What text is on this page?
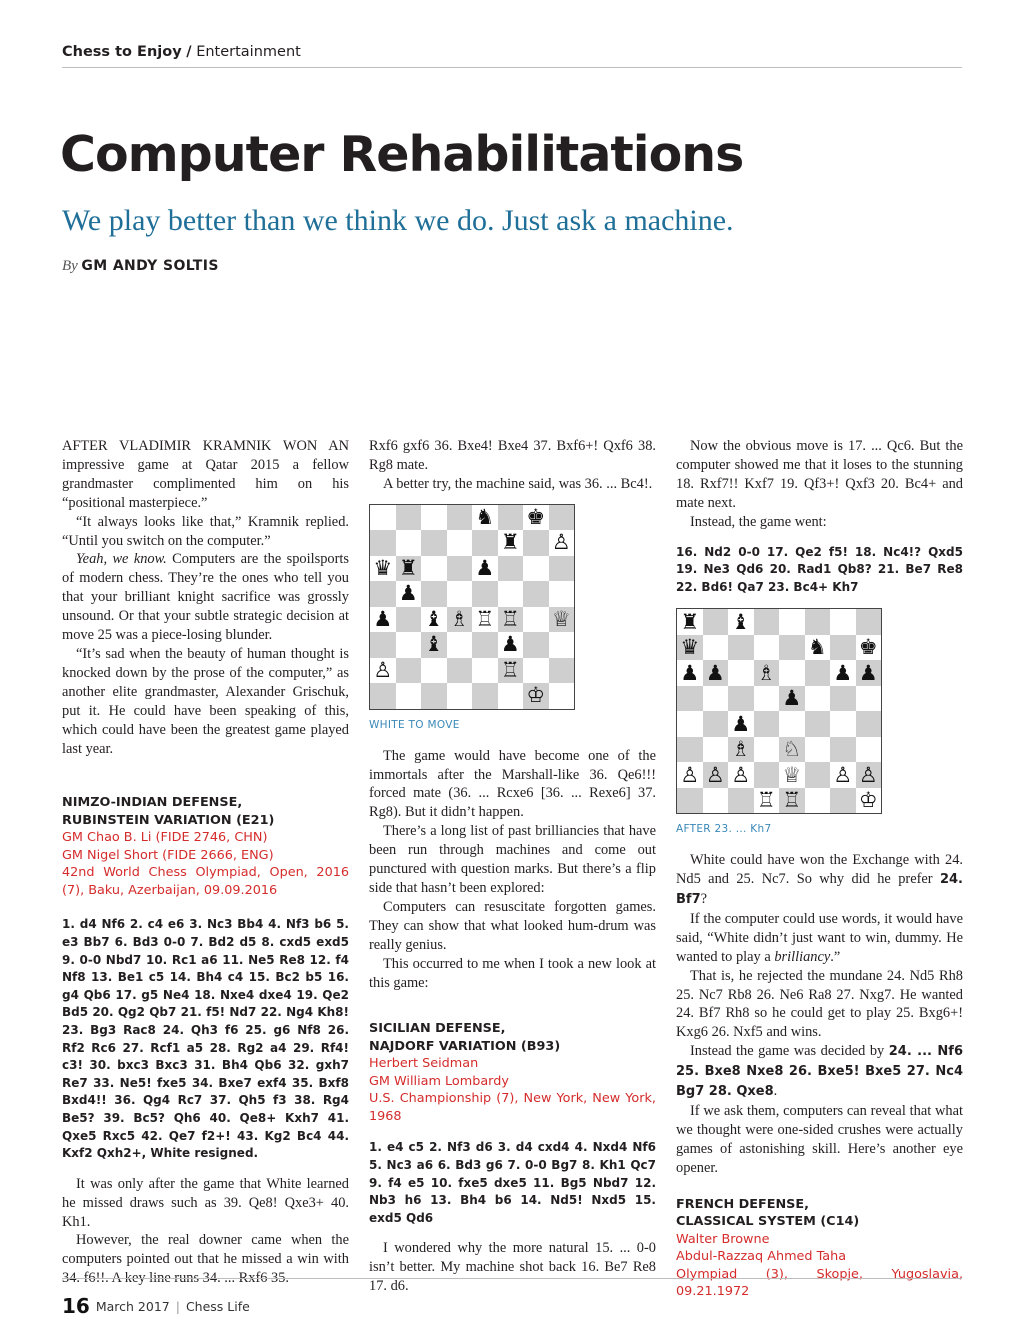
Chess to Enjoy / Entertainment
Computer Rehabilitations
We play better than we think we do. Just ask a machine.
By GM ANDY SOLTIS

AFTER VLADIMIR KRAMNIK WON AN impressive game at Qatar 2015 a fellow grandmaster complimented him on his “positional masterpiece.”

“It always looks like that,” Kramnik replied. “Until you switch on the computer.”

Yeah, we know. Computers are the spoilsports of modern chess. They’re the ones who tell you that your brilliant knight sacrifice was grossly unsound. Or that your subtle strategic decision at move 25 was a piece-losing blunder.

“It’s sad when the beauty of human thought is knocked down by the prose of the computer,” as another elite grandmaster, Alexander Grischuk, put it. He could have been speaking of this, which could have been the greatest game played last year.

NIMZO-INDIAN DEFENSE,

RUBINSTEIN VARIATION (E21)

GM Chao B. Li (FIDE 2746, CHN)

GM Nigel Short (FIDE 2666, ENG)

42nd World Chess Olympiad, Open, 2016 (7), Baku, Azerbaijan, 09.09.2016

1. d4 Nf6 2. c4 e6 3. Nc3 Bb4 4. Nf3 b6 5. e3 Bb7 6. Bd3 0-0 7. Bd2 d5 8. cxd5 exd5 9. 0-0 Nbd7 10. Rc1 a6 11. Ne5 Re8 12. f4 Nf8 13. Be1 c5 14. Bh4 c4 15. Bc2 b5 16. g4 Qb6 17. g5 Ne4 18. Nxe4 dxe4 19. Qe2 Bd5 20. Qg2 Qb7 21. f5! Nd7 22. Ng4 Kh8! 23. Bg3 Rac8 24. Qh3 f6 25. g6 Nf8 26. Rf2 Rc6 27. Rcf1 a5 28. Rg2 a4 29. Rf4! c3! 30. bxc3 Bxc3 31. Bh4 Qb6 32. gxh7 Re7 33. Ne5! fxe5 34. Bxe7 exf4 35. Bxf8 Bxd4!! 36. Qg4 Rc7 37. Qh5 f3 38. Rg4 Be5? 39. Bc5? Qh6 40. Qe8+ Kxh7 41. Qxe5 Rxc5 42. Qe7 f2+! 43. Kg2 Bc4 44. Kxf2 Qxh2+, White resigned.

It was only after the game that White learned he missed draws such as 39. Qe8! Qxe3+ 40. Kh1.

However, the real downer came when the computers pointed out that he missed a win with 34. f6!!. A key line runs 34. ... Rxf6 35.

Rxf6 gxf6 36. Bxe4! Bxe4 37. Bxf6+! Qxf6 38. Rg8 mate.

A better try, the machine said, was 36. ... Bc4!.

♞ ♚
♜ ♙
♛ ♜	♟
♟
♟ ♝ ♗ ♖ ♖ ♕
♝	♟
♙	♖
♔

WHITE TO MOVE

The game would have become one of the immortals after the Marshall-like 36. Qe6!!! forced mate (36. ... Rcxe6 [36. ... Rexe6] 37. Rg8). But it didn’t happen.

There’s a long list of past brilliancies that have been run through machines and come out punctured with question marks. But there’s a flip side that hasn’t been explored:

Computers can resuscitate forgotten games. They can show that what looked hum-drum was really genius.

This occurred to me when I took a new look at this game:

SICILIAN DEFENSE,

NAJDORF VARIATION (B93)

Herbert Seidman

GM William Lombardy

U.S. Championship (7), New York, New York, 1968

1. e4 c5 2. Nf3 d6 3. d4 cxd4 4. Nxd4 Nf6 5. Nc3 a6 6. Bd3 g6 7. 0-0 Bg7 8. Kh1 Qc7 9. f4 e5 10. fxe5 dxe5 11. Bg5 Nbd7 12. Nb3 h6 13. Bh4 b6 14. Nd5! Nxd5 15. exd5 Qd6

I wondered why the more natural 15. ... 0-0 isn’t better. My machine shot back 16. Be7 Re8 17. d6.

Now the obvious move is 17. ... Qc6. But the computer showed me that it loses to the stunning 18. Rxf7!! Kxf7 19. Qf3+! Qxf3 20. Bc4+ and mate next.

Instead, the game went:

16. Nd2 0-0 17. Qe2 f5! 18. Nc4!? Qxd5 19. Ne3 Qd6 20. Rad1 Qb8? 21. Be7 Re8 22. Bd6! Qa7 23. Bc4+ Kh7

♜ ♝
♛	♞ ♚
♟ ♟ ♗	♟ ♟
♟
♟
♗ ♘
♙ ♙ ♙ ♕ ♙ ♙
♖ ♖	♔

AFTER 23. ... Kh7

White could have won the Exchange with 24. Nd5 and 25. Nc7. So why did he prefer 24. Bf7?

If the computer could use words, it would have said, “White didn’t just want to win, dummy. He wanted to play a brilliancy.”

That is, he rejected the mundane 24. Nd5 Rh8 25. Nc7 Rb8 26. Ne6 Ra8 27. Nxg7. He wanted 24. Bf7 Rh8 so he could get to play 25. Bxg6+! Kxg6 26. Nxf5 and wins.

Instead the game was decided by 24. ... Nf6 25. Bxe8 Nxe8 26. Bxe5! Bxe5 27. Nc4 Bg7 28. Qxe8.

If we ask them, computers can reveal that what we thought were one-sided crushes were actually games of astonishing skill. Here’s another eye opener.

FRENCH DEFENSE,

CLASSICAL SYSTEM (C14)

Walter Browne

Abdul-Razzaq Ahmed Taha

Olympiad (3), Skopje, Yugoslavia, 09.21.1972

16 March 2017 | Chess Life
